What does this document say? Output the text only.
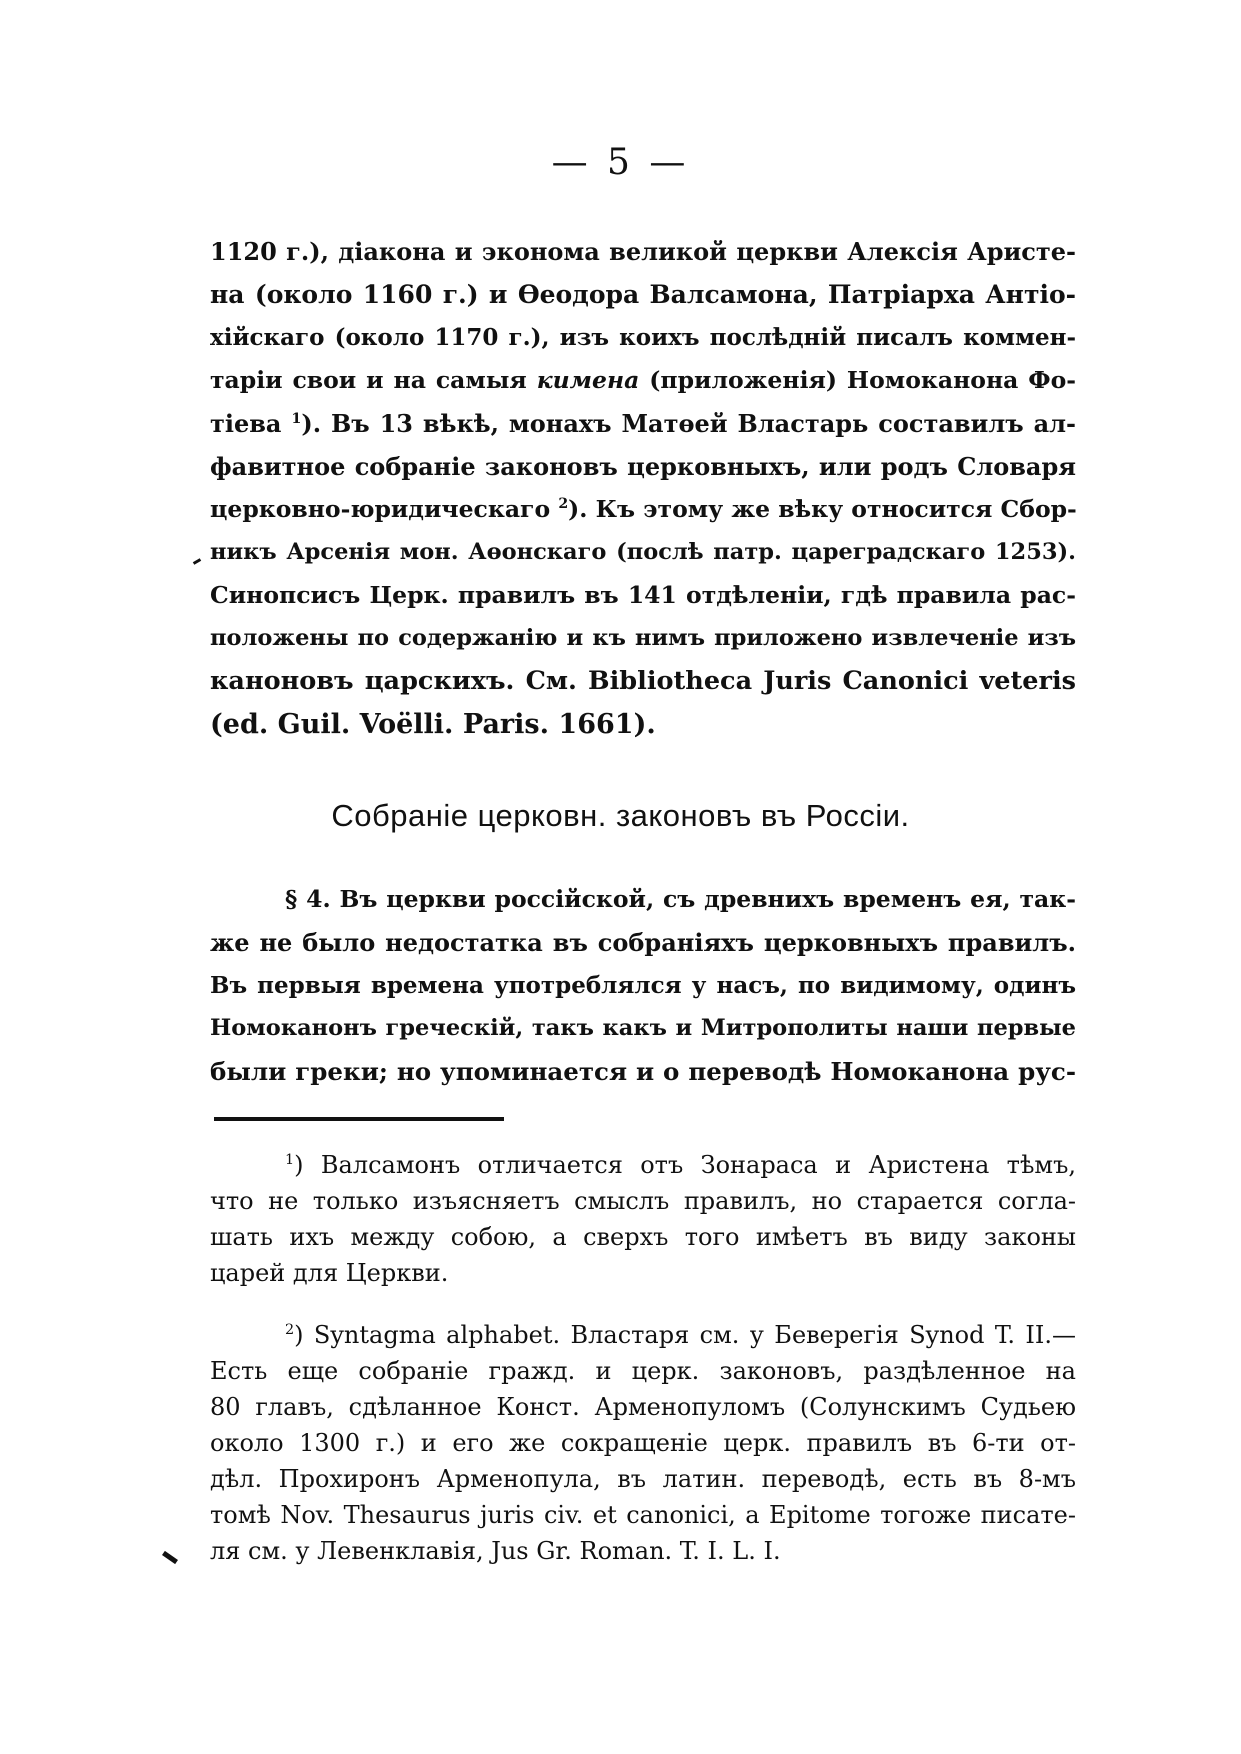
— 5 —
1120 г.), діакона и эконома великой церкви Алексія Аристе-
на (около 1160 г.) и Өеодора Валсамона, Патріарха Антіо-
хійскаго (около 1170 г.), изъ коихъ послѣдній писалъ коммен-
таріи свои и на самыя кимена (приложенія) Номоканона Фо-
тіева $^1$). Въ 13 вѣкѣ, монахъ Матөей Властарь составилъ ал-
фавитное собраніе законовъ церковныхъ, или родъ Словаря
церковно-юридическаго $^2$). Къ этому же вѣку относится Сбор-
никъ Арсенія мон. Аөонскаго (послѣ патр. цареградскаго 1253).
Синопсисъ Церк. правилъ въ 141 отдѣленіи, гдѣ правила рас-
положены по содержанію и къ нимъ приложено извлеченіе изъ
каноновъ царскихъ. См. Bibliotheca Juris Canonici veteris
(ed. Guil. Voëlli. Paris. 1661).
Собраніе церковн. законовъ въ Россіи.
§ 4. Въ церкви россійской, съ древнихъ временъ ея, так-
же не было недостатка въ собраніяхъ церковныхъ правилъ.
Въ первыя времена употреблялся у насъ, по видимому, одинъ
Номоканонъ греческій, такъ какъ и Митрополиты наши первые
были греки; но упоминается и о переводѣ Номоканона рус-
$^1$) Валсамонъ отличается отъ Зонараса и Аристена тѣмъ,
что не только изъясняетъ смыслъ правилъ, но старается согла-
шать ихъ между собою, а сверхъ того имѣетъ въ виду законы
царей для Церкви.
$^2$) Syntagma alphabet. Властаря см. у Беверегія Synod T. II.—
Есть еще собраніе гражд. и церк. законовъ, раздѣленное на
80 главъ, сдѣланное Конст. Арменопуломъ (Солунскимъ Судьею
около 1300 г.) и его же сокращеніе церк. правилъ въ 6-ти от-
дѣл. Прохиронъ Арменопула, въ латин. переводѣ, есть въ 8-мъ
томѣ Nov. Thesaurus juris civ. et canonici, а Epitome тогоже писате-
ля см. у Левенклавія, Jus Gr. Roman. T. I. L. I.
